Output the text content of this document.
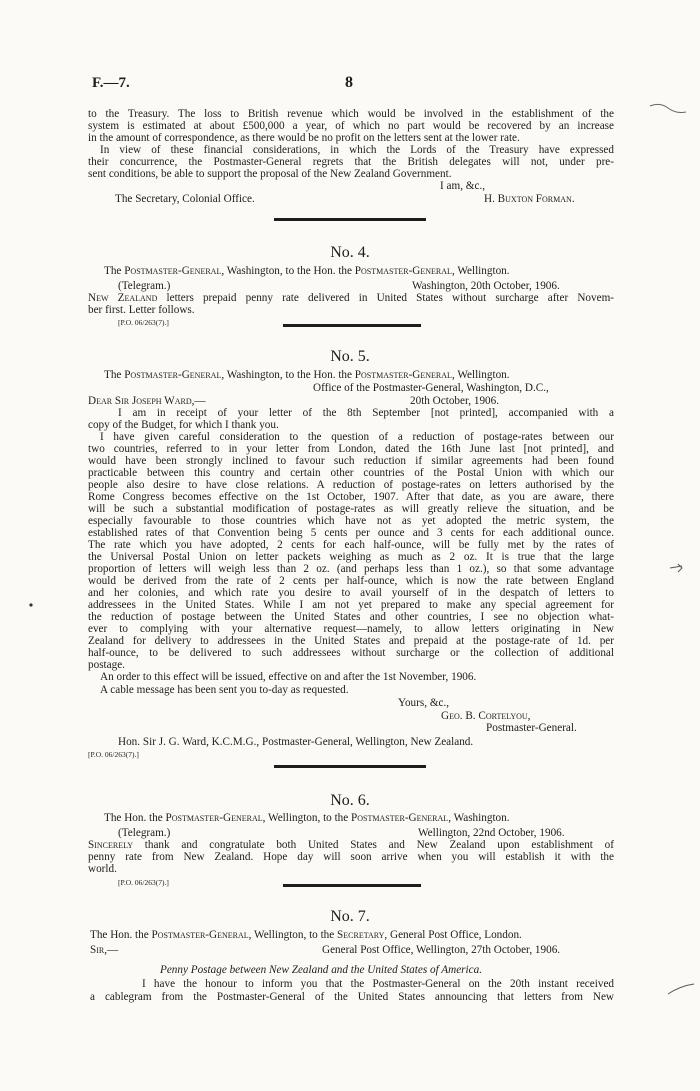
F.—7.	8
to the Treasury. The loss to British revenue which would be involved in the establishment of the
system is estimated at about £500,000 a year, of which no part would be recovered by an increase
in the amount of correspondence, as there would be no profit on the letters sent at the lower rate.
In view of these financial considerations, in which the Lords of the Treasury have expressed
their concurrence, the Postmaster-General regrets that the British delegates will not, under pre-
sent conditions, be able to support the proposal of the New Zealand Government.
I am, &c.,
The Secretary, Colonial Office.	H. Buxton Forman.
No. 4.
The Postmaster-General, Washington, to the Hon. the Postmaster-General, Wellington.
(Telegram.)	Washington, 20th October, 1906.
New Zealand letters prepaid penny rate delivered in United States without surcharge after Novem-
ber first. Letter follows.
[P.O. 06/263(7).]
No. 5.
The Postmaster-General, Washington, to the Hon. the Postmaster-General, Wellington.
Office of the Postmaster-General, Washington, D.C.,
Dear Sir Joseph Ward,—	20th October, 1906.
I am in receipt of your letter of the 8th September [not printed], accompanied with a
copy of the Budget, for which I thank you.
I have given careful consideration to the question of a reduction of postage-rates between our
two countries, referred to in your letter from London, dated the 16th June last [not printed], and
would have been strongly inclined to favour such reduction if similar agreements had been found
practicable between this country and certain other countries of the Postal Union with which our
people also desire to have close relations. A reduction of postage-rates on letters authorised by the
Rome Congress becomes effective on the 1st October, 1907. After that date, as you are aware, there
will be such a substantial modification of postage-rates as will greatly relieve the situation, and be
especially favourable to those countries which have not as yet adopted the metric system, the
established rates of that Convention being 5 cents per ounce and 3 cents for each additional ounce.
The rate which you have adopted, 2 cents for each half-ounce, will be fully met by the rates of
the Universal Postal Union on letter packets weighing as much as 2 oz. It is true that the large
proportion of letters will weigh less than 2 oz. (and perhaps less than 1 oz.), so that some advantage
would be derived from the rate of 2 cents per half-ounce, which is now the rate between England
and her colonies, and which rate you desire to avail yourself of in the despatch of letters to
addressees in the United States. While I am not yet prepared to make any special agreement for
the reduction of postage between the United States and other countries, I see no objection what-
ever to complying with your alternative request—namely, to allow letters originating in New
Zealand for delivery to addressees in the United States and prepaid at the postage-rate of 1d. per
half-ounce, to be delivered to such addressees without surcharge or the collection of additional
postage.
An order to this effect will be issued, effective on and after the 1st November, 1906.
A cable message has been sent you to-day as requested.
Yours, &c.,
Geo. B. Cortelyou,
Postmaster-General.
Hon. Sir J. G. Ward, K.C.M.G., Postmaster-General, Wellington, New Zealand.
[P.O. 06/263(7).]
No. 6.
The Hon. the Postmaster-General, Wellington, to the Postmaster-General, Washington.
(Telegram.)	Wellington, 22nd October, 1906.
Sincerely thank and congratulate both United States and New Zealand upon establishment of
penny rate from New Zealand. Hope day will soon arrive when you will establish it with the
world.
[P.O. 06/263(7).]
No. 7.
The Hon. the Postmaster-General, Wellington, to the Secretary, General Post Office, London.
Sir,—	General Post Office, Wellington, 27th October, 1906.
Penny Postage between New Zealand and the United States of America.
I have the honour to inform you that the Postmaster-General on the 20th instant received
a cablegram from the Postmaster-General of the United States announcing that letters from New
